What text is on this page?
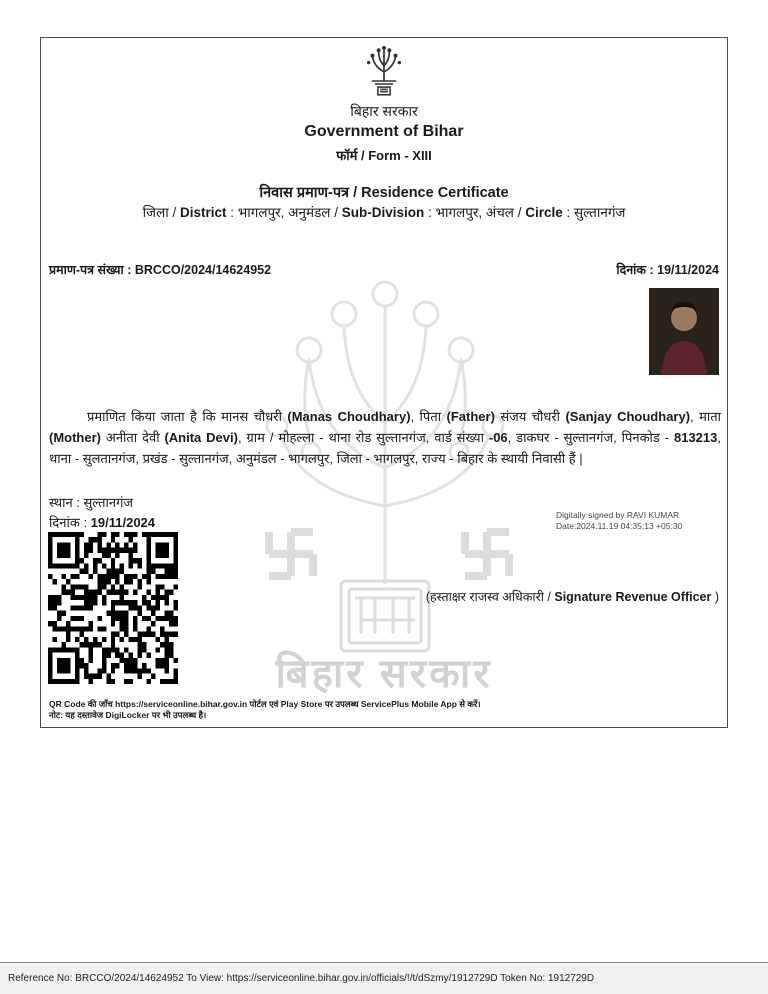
बिहार सरकार
बिहार सरकार
Government of Bihar
फॉर्म / Form - XIII
निवास प्रमाण-पत्र / Residence Certificate
जिला / District : भागलपुर, अनुमंडल / Sub-Division : भागलपुर, अंचल / Circle : सुल्तानगंज
प्रमाण-पत्र संख्या : BRCCO/2024/14624952	दिनांक : 19/11/2024
प्रमाणित किया जाता है कि मानस चौधरी (Manas Choudhary), पिता (Father) संजय चौधरी (Sanjay Choudhary), माता (Mother) अनीता देवी (Anita Devi), ग्राम / मोहल्ला - थाना रोड सुल्तानगंज, वार्ड संख्या -06, डाकघर - सुल्तानगंज, पिनकोड - 813213, थाना - सुलतानगंज, प्रखंड - सुल्तानगंज, अनुमंडल - भागलपुर, जिला - भागलपुर, राज्य - बिहार के स्थायी निवासी हैं |
स्थान : सुल्तानगंज
दिनांक : 19/11/2024	Digitally signed by RAVI KUMAR
Date:2024.11.19 04:35:13 +05:30
(हस्ताक्षर राजस्व अधिकारी / Signature Revenue Officer )
QR Code की जाँच https://serviceonline.bihar.gov.in पोर्टल एवं Play Store पर उपलब्ध ServicePlus Mobile App से करें।
नोट: यह दस्तावेज DigiLocker पर भी उपलब्ध है।
Reference No: BRCCO/2024/14624952 To View: https://serviceonline.bihar.gov.in/officials/!/t/dSzmy/1912729D Token No: 1912729D
